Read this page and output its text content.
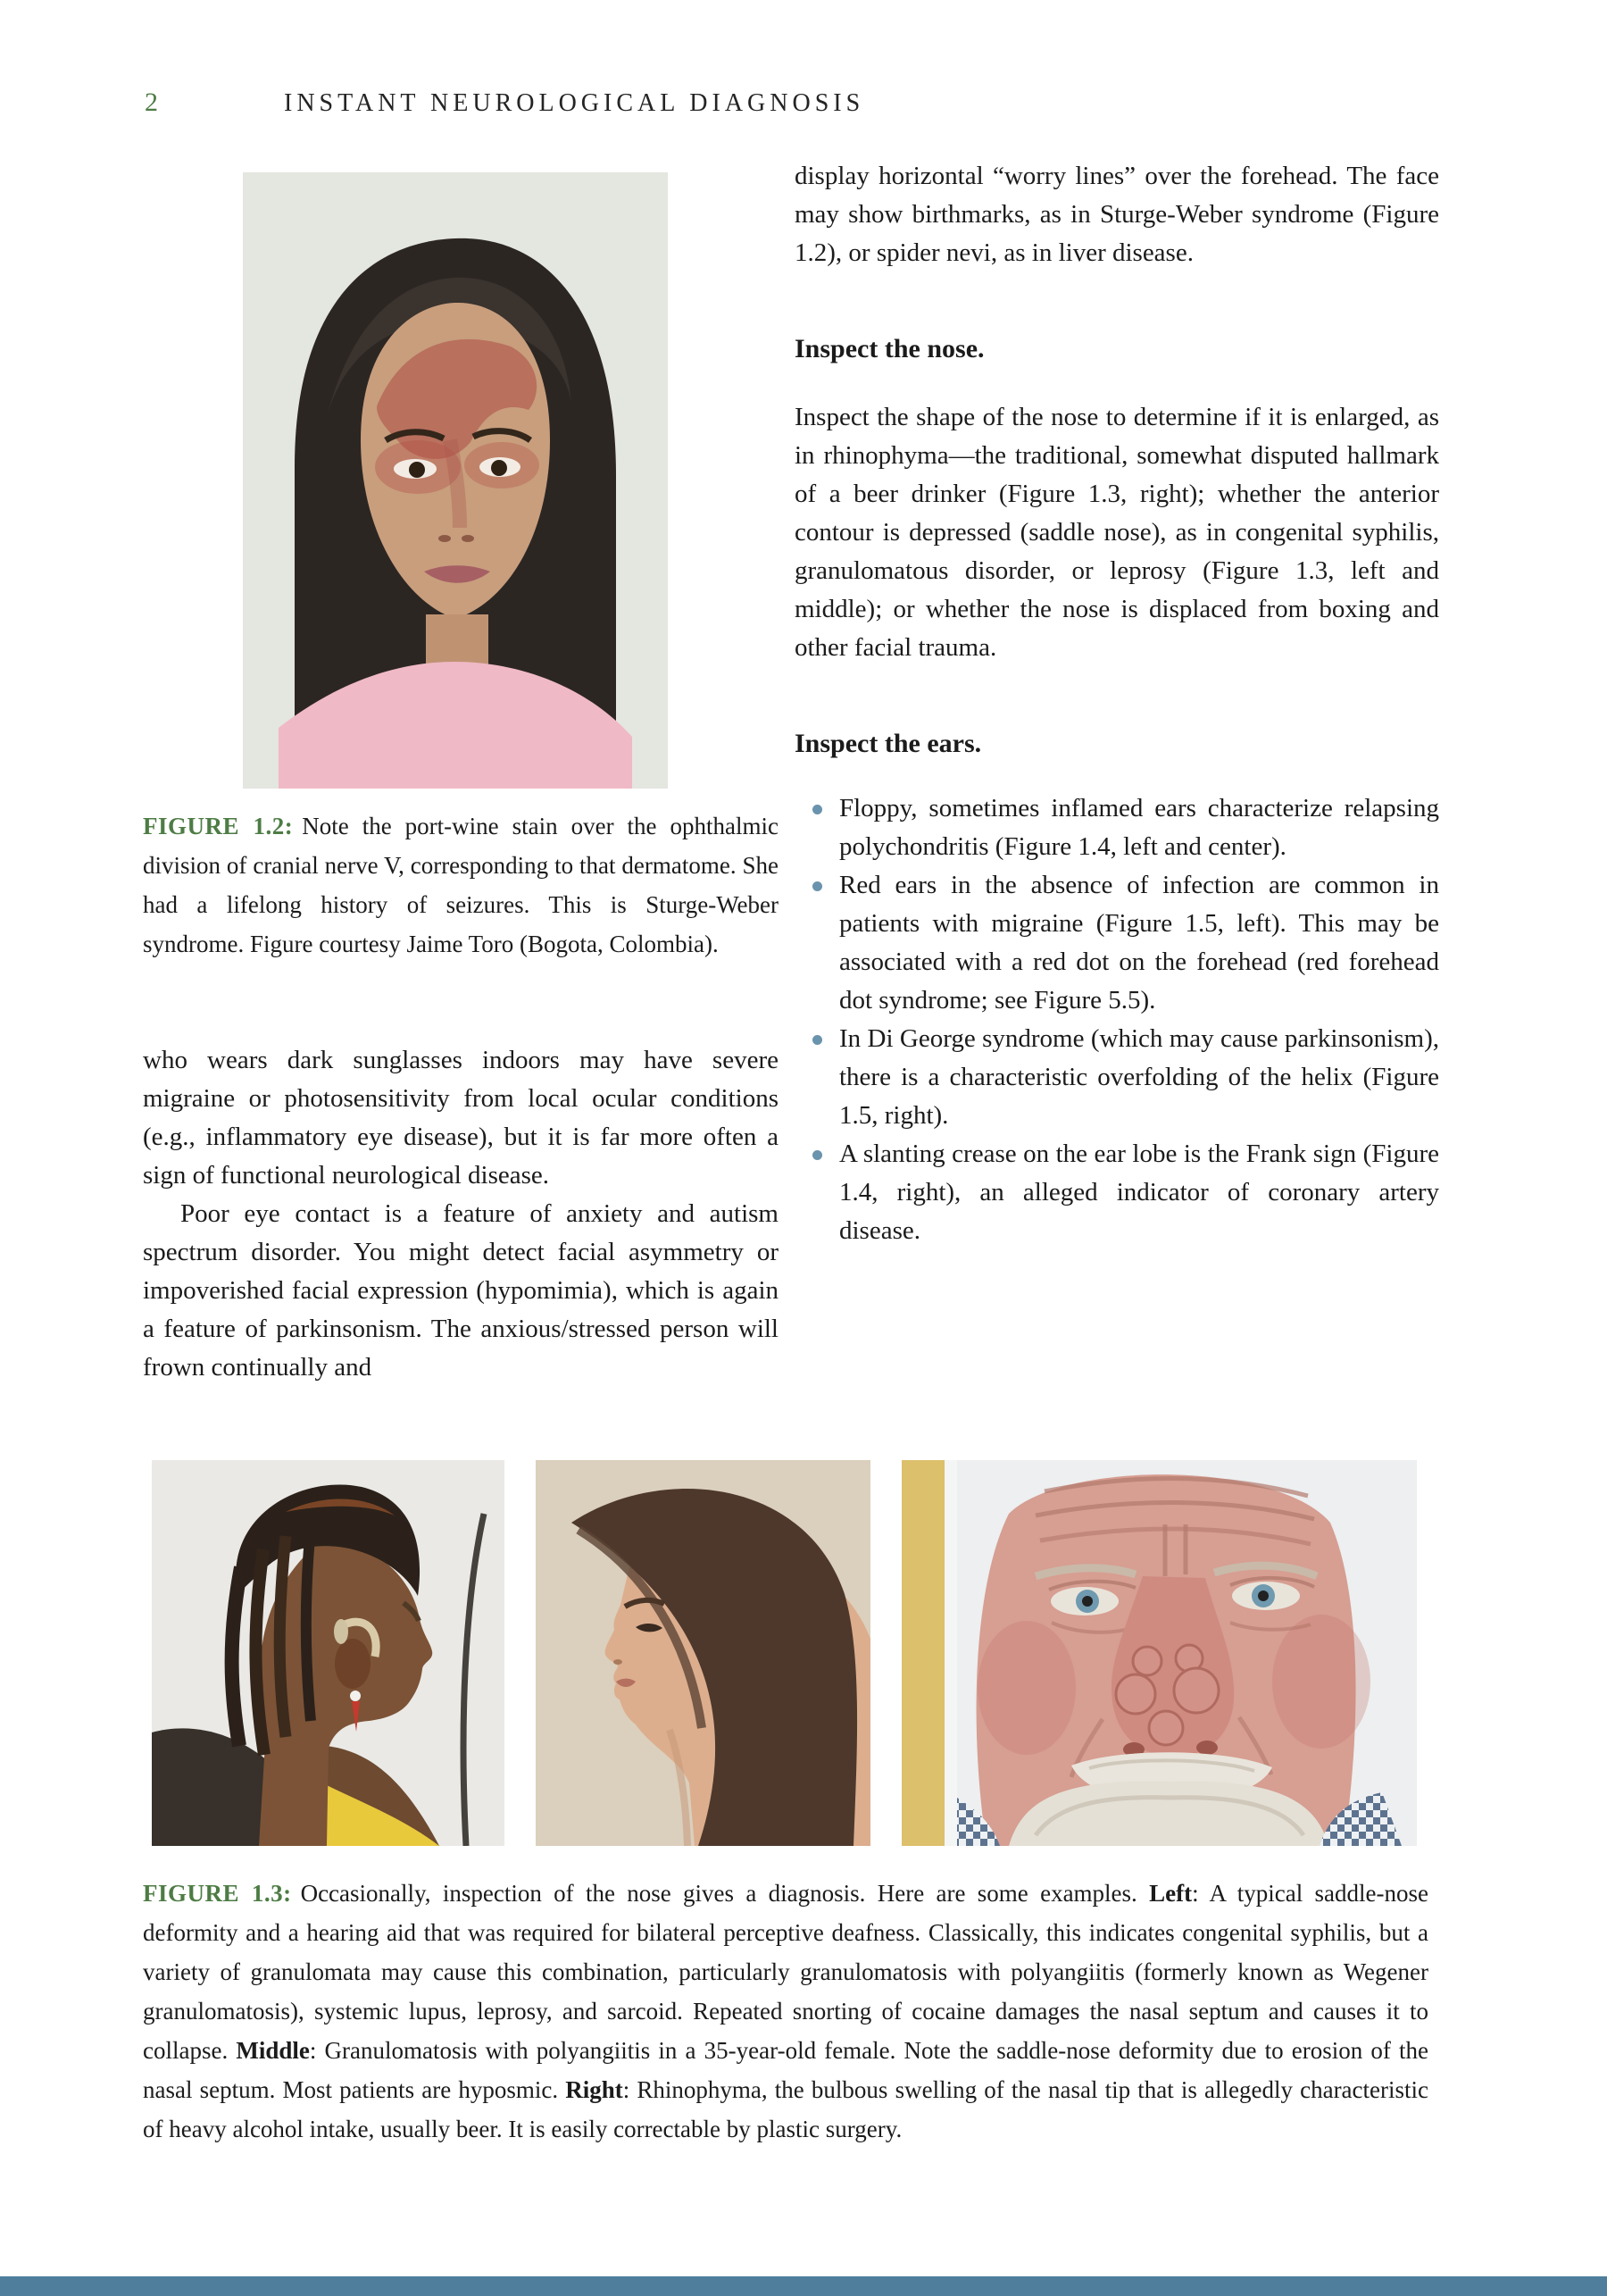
2	INSTANT NEUROLOGICAL DIAGNOSIS
FIGURE 1.2: Note the port-wine stain over the ophthalmic division of cranial nerve V, corresponding to that dermatome. She had a lifelong history of seizures. This is Sturge-Weber syndrome. Figure courtesy Jaime Toro (Bogota, Colombia).

who wears dark sunglasses indoors may have severe migraine or photosensitivity from local ocular conditions (e.g., inflammatory eye disease), but it is far more often a sign of functional neurological disease.

Poor eye contact is a feature of anxiety and autism spectrum disorder. You might detect facial asymmetry or impoverished facial expression (hypomimia), which is again a feature of parkinsonism. The anxious/stressed person will frown continually and

display horizontal “worry lines” over the forehead. The face may show birthmarks, as in Sturge-Weber syndrome (Figure 1.2), or spider nevi, as in liver disease.

Inspect the nose.

Inspect the shape of the nose to determine if it is enlarged, as in rhinophyma—the traditional, somewhat disputed hallmark of a beer drinker (Figure 1.3, right); whether the anterior contour is depressed (saddle nose), as in congenital syphilis, granulomatous disorder, or leprosy (Figure 1.3, left and middle); or whether the nose is displaced from boxing and other facial trauma.

Inspect the ears.
Floppy, sometimes inflamed ears characterize relapsing polychondritis (Figure 1.4, left and center).
Red ears in the absence of infection are common in patients with migraine (Figure 1.5, left). This may be associated with a red dot on the forehead (red forehead dot syndrome; see Figure 5.5).
In Di George syndrome (which may cause parkinsonism), there is a characteristic overfolding of the helix (Figure 1.5, right).
A slanting crease on the ear lobe is the Frank sign (Figure 1.4, right), an alleged indicator of coronary artery disease.
FIGURE 1.3: Occasionally, inspection of the nose gives a diagnosis. Here are some examples. Left: A typical saddle-nose deformity and a hearing aid that was required for bilateral perceptive deafness. Classically, this indicates congenital syphilis, but a variety of granulomata may cause this combination, particularly granulomatosis with polyangiitis (formerly known as Wegener granulomatosis), systemic lupus, leprosy, and sarcoid. Repeated snorting of cocaine damages the nasal septum and causes it to collapse. Middle: Granulomatosis with polyangiitis in a 35-year-old female. Note the saddle-nose deformity due to erosion of the nasal septum. Most patients are hyposmic. Right: Rhinophyma, the bulbous swelling of the nasal tip that is allegedly characteristic of heavy alcohol intake, usually beer. It is easily correctable by plastic surgery.
